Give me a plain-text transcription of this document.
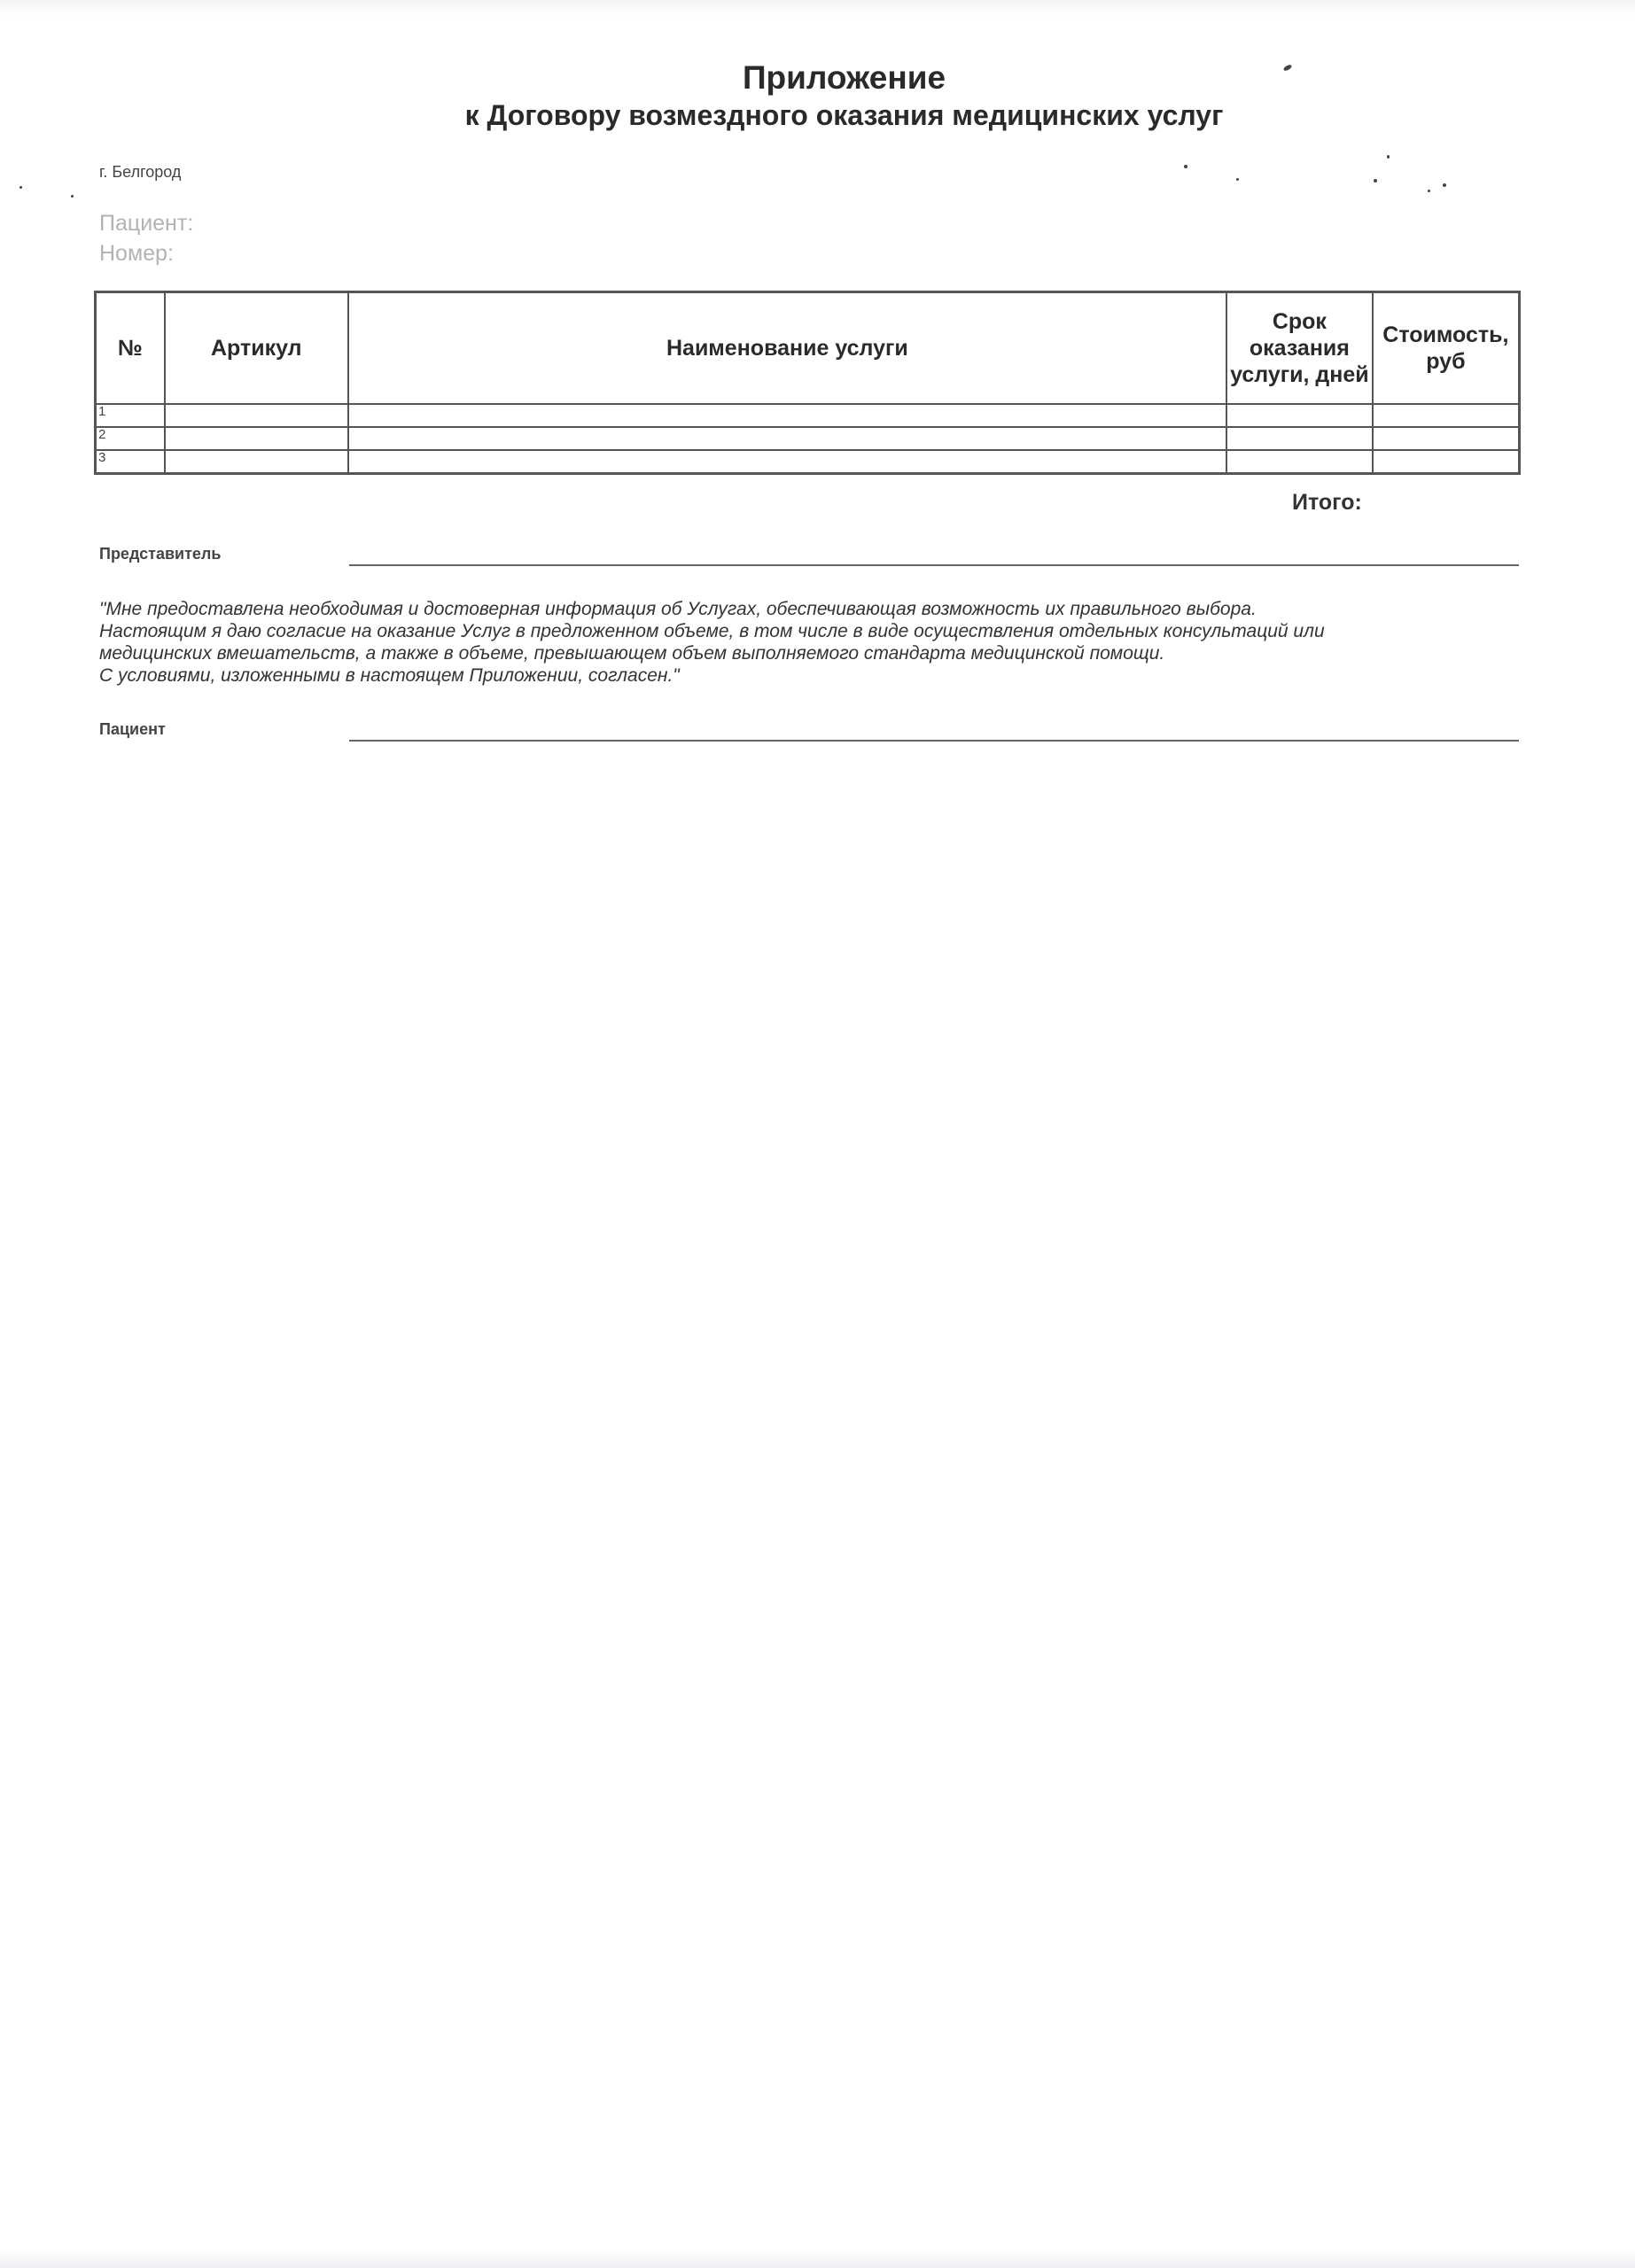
Приложение
к Договору возмездного оказания медицинских услуг
г. Белгород
Пациент:
Номер:
№	Артикул	Наименование услуги	Срок оказания услуги, дней	Стоимость, руб
1				
2				
3				
Итого:
Представитель
"Мне предоставлена необходимая и достоверная информация об Услугах, обеспечивающая возможность их правильного выбора.
Настоящим я даю согласие на оказание Услуг в предложенном объеме, в том числе в виде осуществления отдельных консультаций или
медицинских вмешательств, а также в объеме, превышающем объем выполняемого стандарта медицинской помощи.
С условиями, изложенными в настоящем Приложении, согласен."
Пациент
